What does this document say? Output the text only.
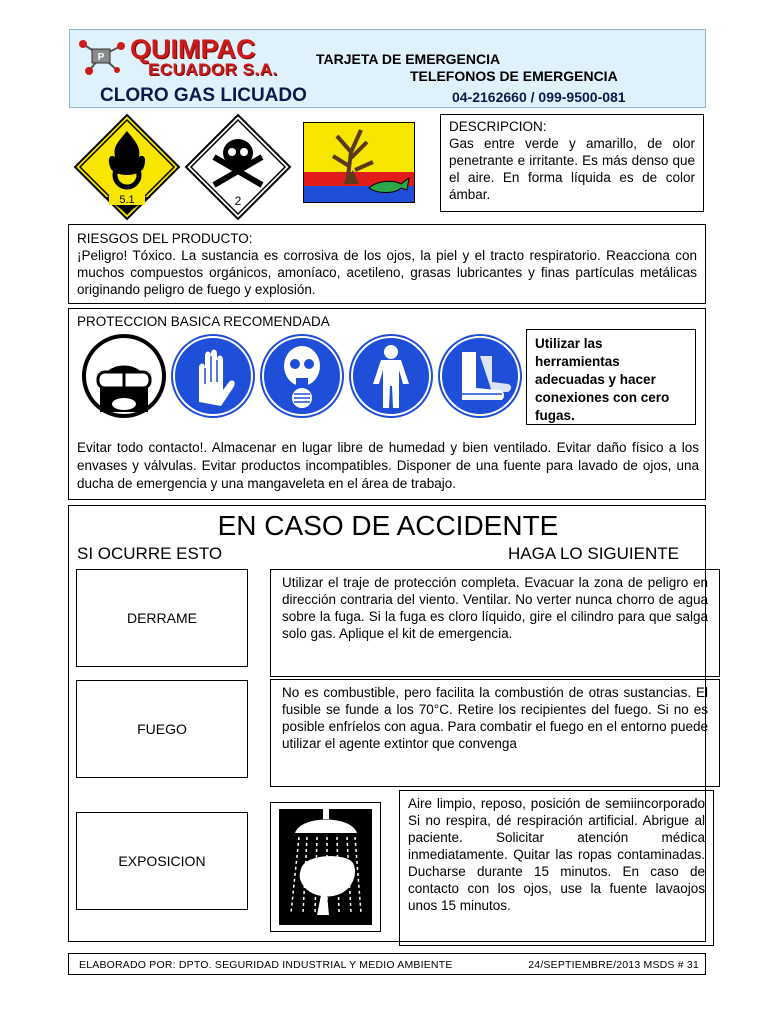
P QUIMPAC
ECUADOR S.A.
TARJETA DE EMERGENCIA
TELEFONOS DE EMERGENCIA
CLORO GAS LICUADO	04-2162660 / 099-9500-081
5.1	2
DESCRIPCION:
Gas entre verde y amarillo, de olor penetrante e irritante. Es más denso que el aire. En forma líquida es de color ámbar.
RIESGOS DEL PRODUCTO:
¡Peligro! Tóxico. La sustancia es corrosiva de los ojos, la piel y el tracto respiratorio. Reacciona con muchos compuestos orgánicos, amoníaco, acetileno, grasas lubricantes y finas partículas metálicas originando peligro de fuego y explosión.
PROTECCION BASICA RECOMENDADA
Utilizar las herramientas adecuadas y hacer conexiones con cero fugas.
Evitar todo contacto!. Almacenar en lugar libre de humedad y bien ventilado. Evitar daño físico a los envases y válvulas. Evitar productos incompatibles. Disponer de una fuente para lavado de ojos, una ducha de emergencia y una mangaveleta en el área de trabajo.
EN CASO DE ACCIDENTE
SI OCURRE ESTO	HAGA LO SIGUIENTE
DERRAME
Utilizar el traje de protección completa. Evacuar la zona de peligro en dirección contraria del viento. Ventilar. No verter nunca chorro de agua sobre la fuga. Si la fuga es cloro líquido, gire el cilindro para que salga solo gas. Aplique el kit de emergencia.
FUEGO
No es combustible, pero facilita la combustión de otras sustancias. El fusible se funde a los 70°C. Retire los recipientes del fuego. Si no es posible enfríelos con agua. Para combatir el fuego en el entorno puede utilizar el agente extintor que convenga
EXPOSICION
Aire limpio, reposo, posición de semiincorporado Si no respira, dé respiración artificial. Abrigue al paciente. Solicitar atención médica inmediatamente. Quitar las ropas contaminadas. Ducharse durante 15 minutos. En caso de contacto con los ojos, use la fuente lavaojos unos 15 minutos.
ELABORADO POR: DPTO. SEGURIDAD INDUSTRIAL Y MEDIO AMBIENTE	24/SEPTIEMBRE/2013 MSDS # 31
